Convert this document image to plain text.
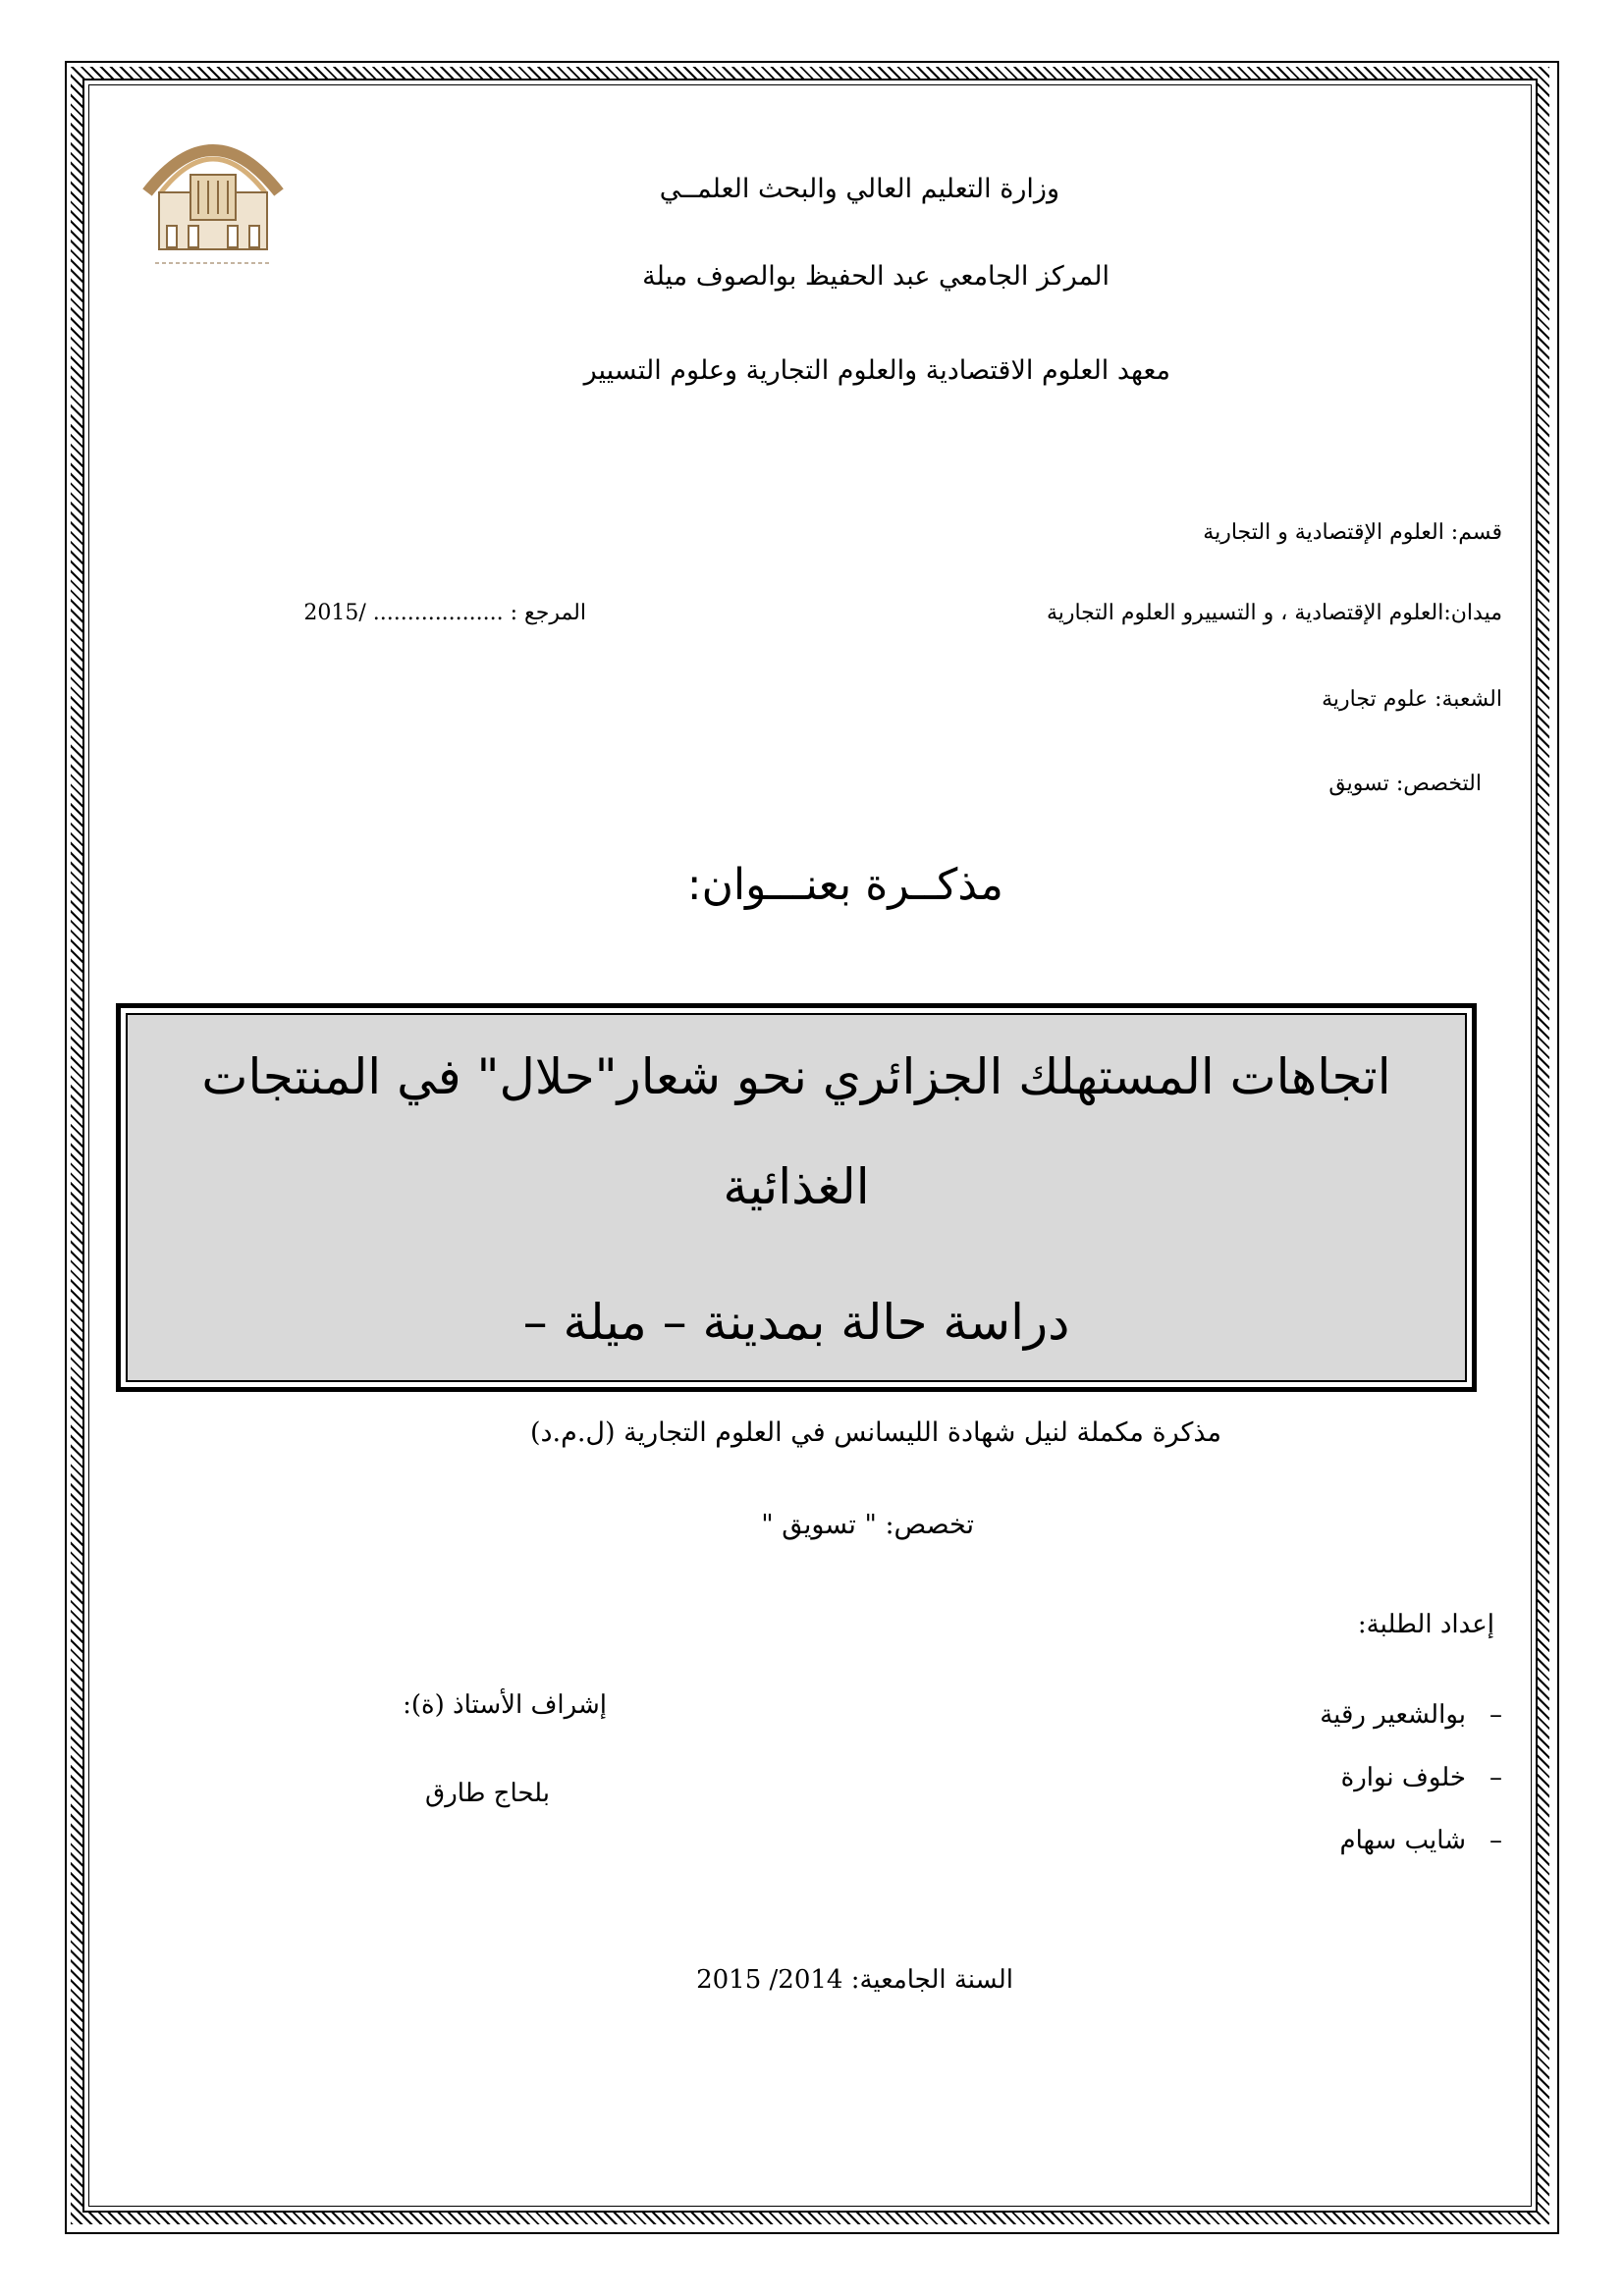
وزارة التعليم العالي والبحث العلمــي
المركز الجامعي عبد الحفيظ بوالصوف ميلة
معهد العلوم الاقتصادية والعلوم التجارية وعلوم التسيير
قسم: العلوم الإقتصادية و التجارية
ميدان:العلوم الإقتصادية ، و التسييرو العلوم التجارية
المرجع : ................... /2015
الشعبة: علوم تجارية
التخصص: تسويق
مذكــرة بعنـــوان:
اتجاهات المستهلك الجزائري نحو شعار"حلال" في المنتجات
الغذائية
دراسة حالة بمدينة – ميلة –
مذكرة مكملة لنيل شهادة الليسانس في العلوم التجارية (ل.م.د)
تخصص: " تسويق "
إعداد الطلبة:
–بوالشعير رقية
–خلوف نوارة
–شايب سهام
إشراف الأستاذ (ة):
بلحاج طارق
السنة الجامعية: 2014/ 2015
